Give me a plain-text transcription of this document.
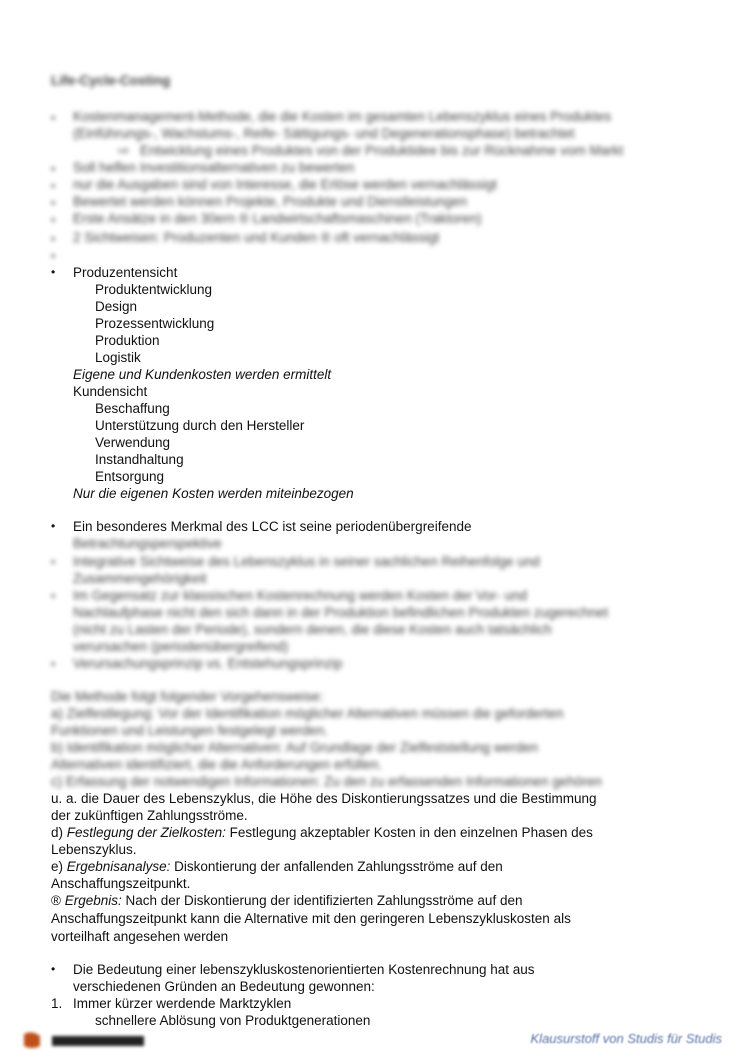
Life-Cycle-Costing
• Kostenmanagement-Methode, die die Kosten im gesamten Lebenszyklus eines Produktes
(Einführungs-, Wachstums-, Reife- Sättigungs- und Degenerationsphase) betrachtet
⇨ Entwicklung eines Produktes von der Produktidee bis zur Rücknahme vom Markt
• Soll helfen Investitionsalternativen zu bewerten
• nur die Ausgaben sind von Interesse, die Erlöse werden vernachlässigt
• Bewertet werden können Projekte, Produkte und Dienstleistungen
• Erste Ansätze in den 30ern ® Landwirtschaftsmaschinen (Traktoren)
• 2 Sichtweisen: Produzenten und Kunden ® oft vernachlässigt
•
• Produzentensicht
Produktentwicklung
Design
Prozessentwicklung
Produktion
Logistik
Eigene und Kundenkosten werden ermittelt
Kundensicht
Beschaffung
Unterstützung durch den Hersteller
Verwendung
Instandhaltung
Entsorgung
Nur die eigenen Kosten werden miteinbezogen
• Ein besonderes Merkmal des LCC ist seine periodenübergreifende
Betrachtungsperspektive
• Integrative Sichtweise des Lebenszyklus in seiner sachlichen Reihenfolge und
Zusammengehörigkeit
• Im Gegensatz zur klassischen Kostenrechnung werden Kosten der Vor- und
Nachlaufphase nicht den sich dann in der Produktion befindlichen Produkten zugerechnet
(nicht zu Lasten der Periode), sondern denen, die diese Kosten auch tatsächlich
verursachen (periodenübergreifend)
• Verursachungsprinzip vs. Entstehungsprinzip
Die Methode folgt folgender Vorgehensweise:
a) Zielfestlegung: Vor der Identifikation möglicher Alternativen müssen die geforderten
Funktionen und Leistungen festgelegt werden.
b) Identifikation möglicher Alternativen: Auf Grundlage der Zielfeststellung werden
Alternativen identifiziert, die die Anforderungen erfüllen.
c) Erfassung der notwendigen Informationen: Zu den zu erfassenden Informationen gehören
u. a. die Dauer des Lebenszyklus, die Höhe des Diskontierungssatzes und die Bestimmung
der zukünftigen Zahlungsströme.
d) Festlegung der Zielkosten: Festlegung akzeptabler Kosten in den einzelnen Phasen des
Lebenszyklus.
e) Ergebnisanalyse: Diskontierung der anfallenden Zahlungsströme auf den
Anschaffungszeitpunkt.
® Ergebnis: Nach der Diskontierung der identifizierten Zahlungsströme auf den
Anschaffungszeitpunkt kann die Alternative mit den geringeren Lebenszykluskosten als
vorteilhaft angesehen werden
• Die Bedeutung einer lebenszykluskostenorientierten Kostenrechnung hat aus
verschiedenen Gründen an Bedeutung gewonnen:
1. Immer kürzer werdende Marktzyklen
schnellere Ablösung von Produktgenerationen
Klausurstoff von Studis für Studis
